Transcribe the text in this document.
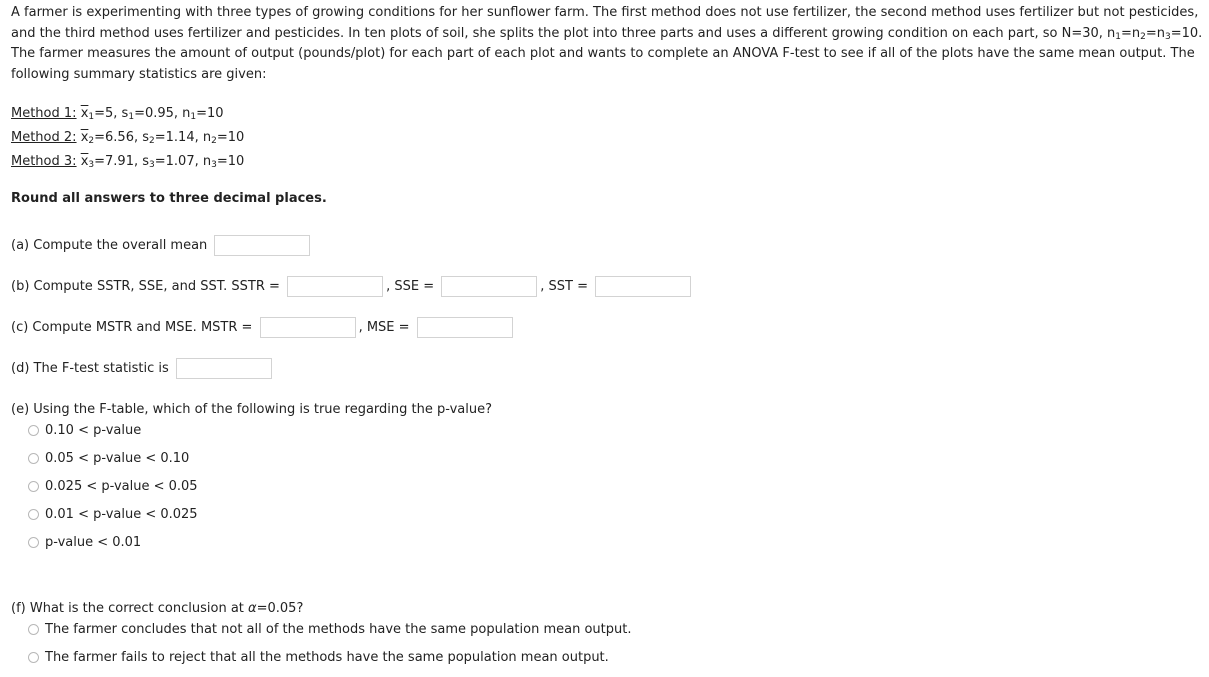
A farmer is experimenting with three types of growing conditions for her sunflower farm. The first method does not use fertilizer, the second method uses fertilizer but not pesticides, and the third method uses fertilizer and pesticides. In ten plots of soil, she splits the plot into three parts and uses a different growing condition on each part, so N=30, $n_1=n_2=n_3=10$. The farmer measures the amount of output (pounds/plot) for each part of each plot and wants to complete an ANOVA F-test to see if all of the plots have the same mean output. The following summary statistics are given:

Method 1: $\overline{x}_1=5$, $s_1=0.95$, $n_1=10$
Method 2: $\overline{x}_2=6.56$, $s_2=1.14$, $n_2=10$
Method 3: $\overline{x}_3=7.91$, $s_3=1.07$, $n_3=10$
Round all answers to three decimal places.
(a) Compute the overall mean
(b) Compute SSTR, SSE, and SST. SSTR =	, SSE =	, SST =
(c) Compute MSTR and MSE. MSTR =	, MSE =
(d) The F-test statistic is
(e) Using the F-table, which of the following is true regarding the p-value?
0.10 < p-value
0.05 < p-value < 0.10
0.025 < p-value < 0.05
0.01 < p-value < 0.025
p-value < 0.01
(f) What is the correct conclusion at α=0.05?
The farmer concludes that not all of the methods have the same population mean output.
The farmer fails to reject that all the methods have the same population mean output.
